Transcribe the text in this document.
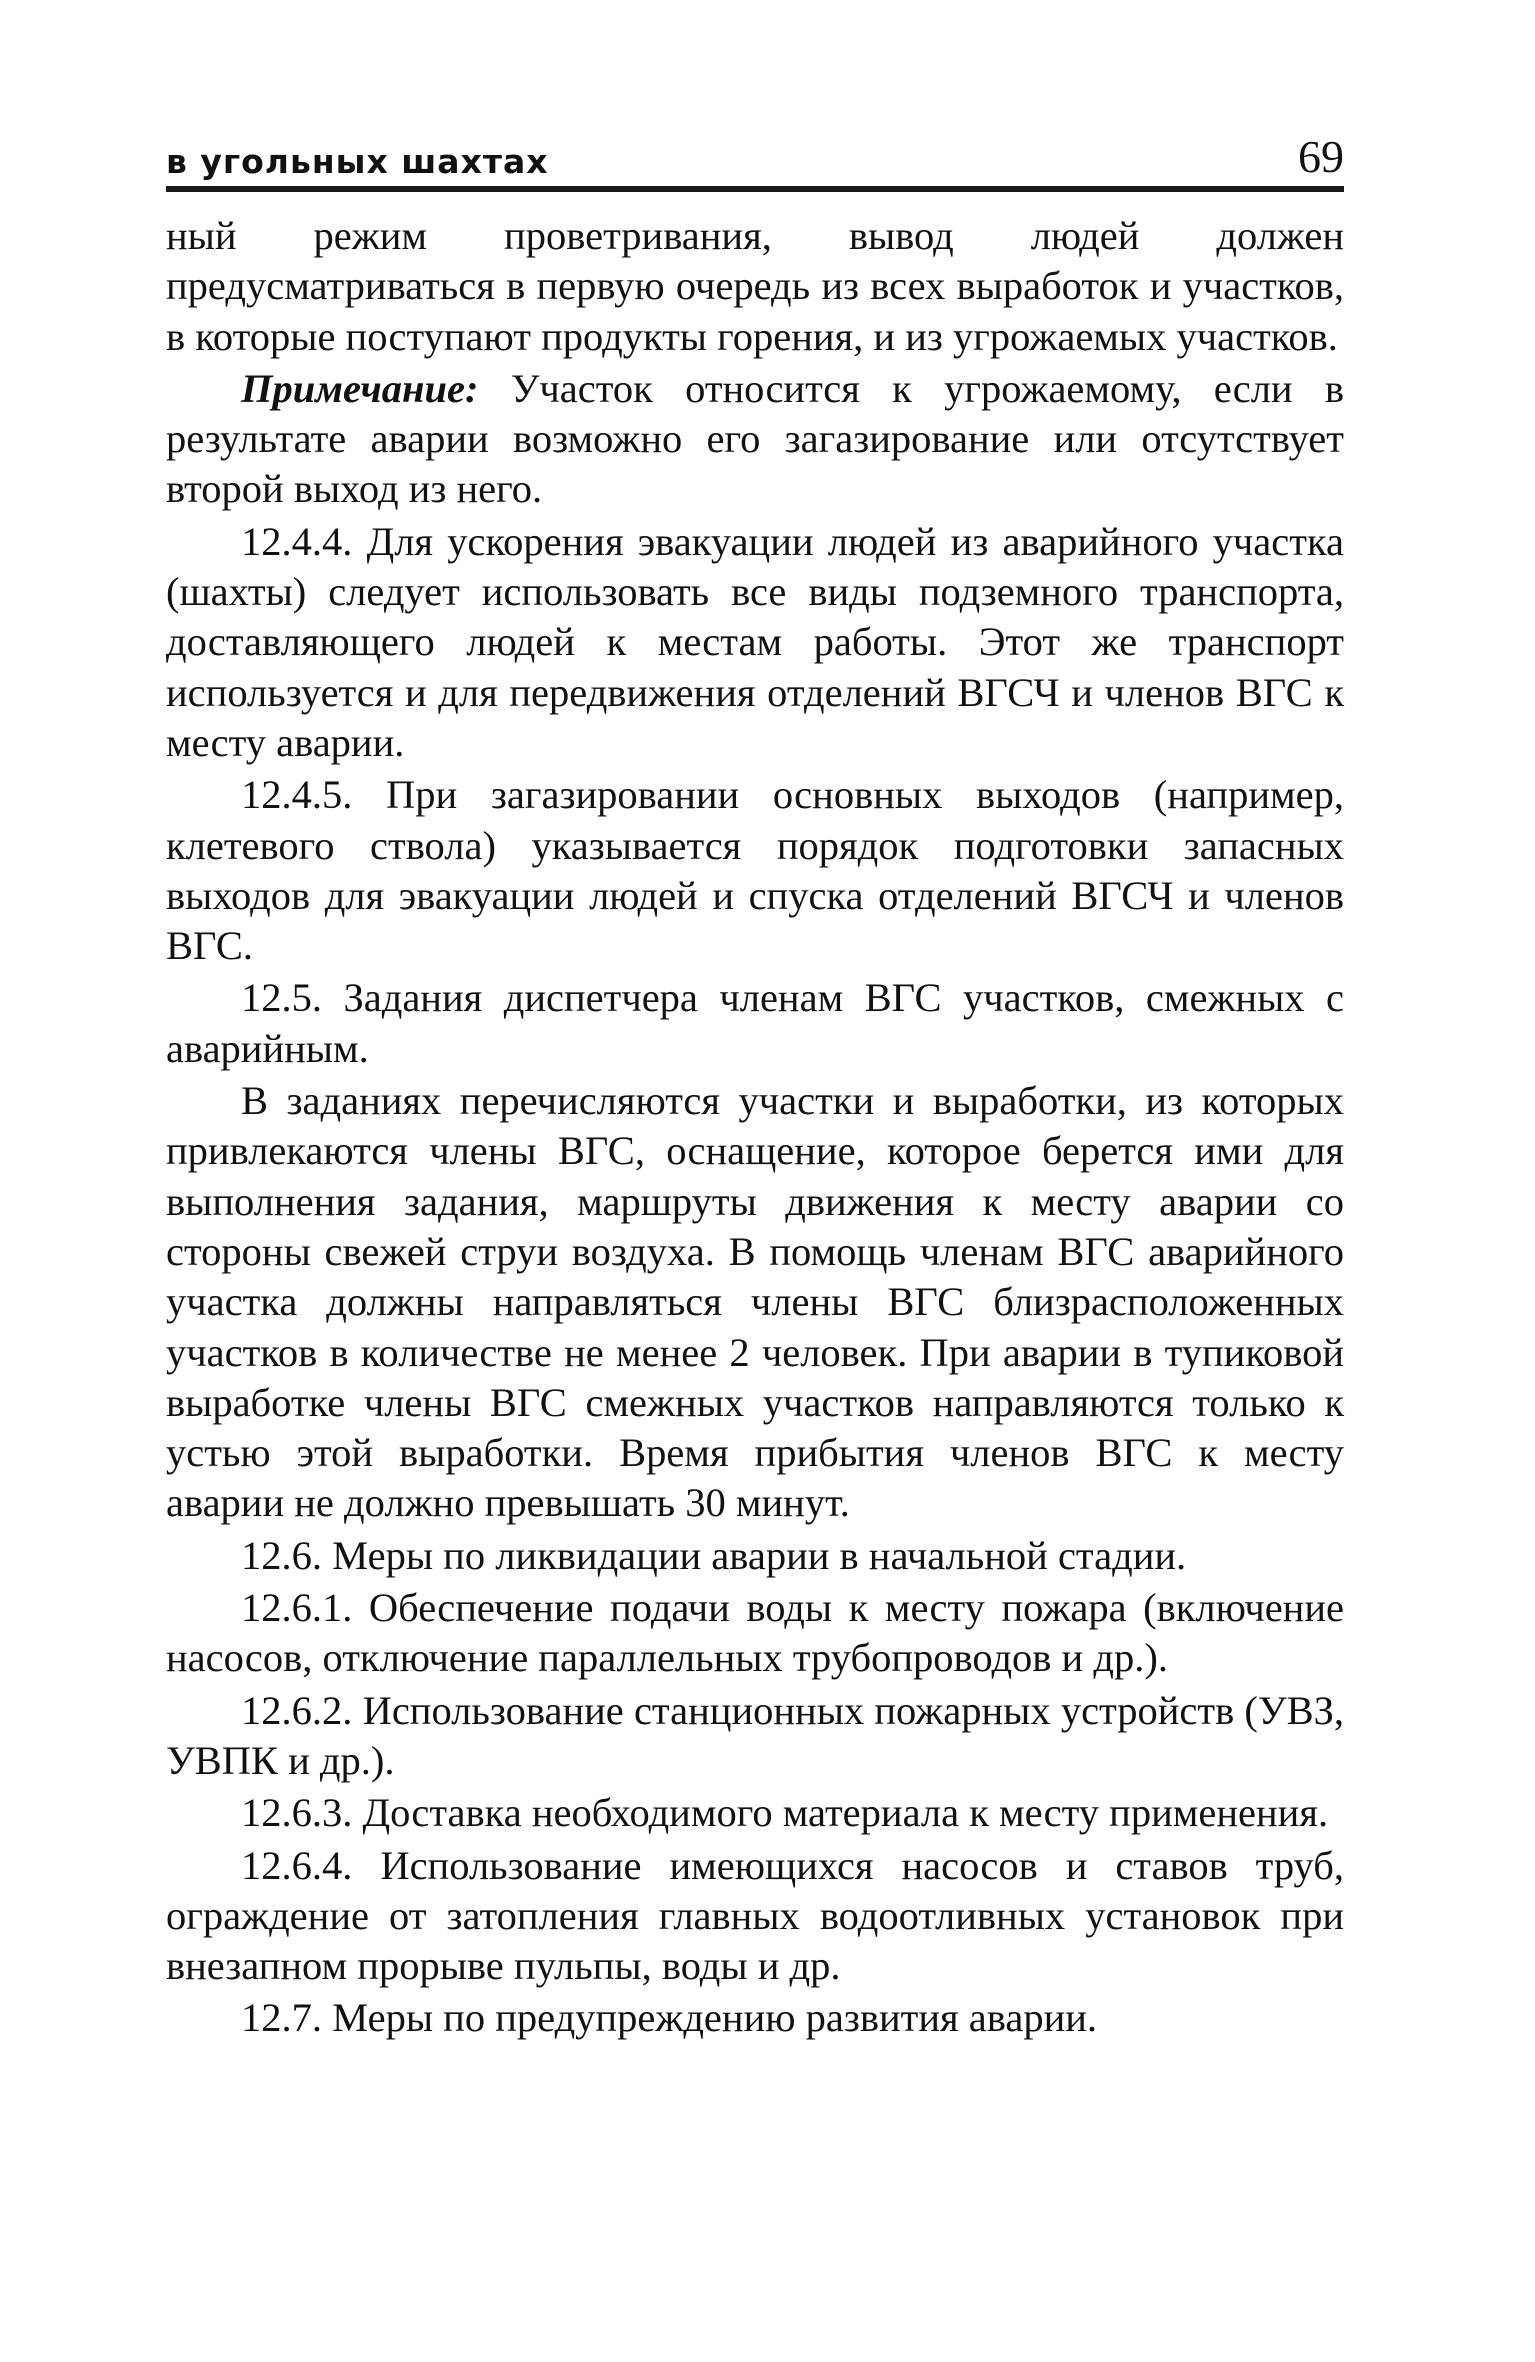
в угольных шахтах	69

ный режим проветривания, вывод людей должен предусматриваться в первую очередь из всех выработок и участков, в которые поступают продукты горения, и из угрожаемых участков.

Примечание: Участок относится к угрожаемому, если в результате аварии возможно его загазирование или отсутствует второй выход из него.

12.4.4. Для ускорения эвакуации людей из аварийного участка (шахты) следует использовать все виды подземного транспорта, доставляющего людей к местам работы. Этот же транспорт используется и для передвижения отделений ВГСЧ и членов ВГС к месту аварии.

12.4.5. При загазировании основных выходов (например, клетевого ствола) указывается порядок подготовки запасных выходов для эвакуации людей и спуска отделений ВГСЧ и членов ВГС.

12.5. Задания диспетчера членам ВГС участков, смежных с аварийным.

В заданиях перечисляются участки и выработки, из которых привлекаются члены ВГС, оснащение, которое берется ими для выполнения задания, маршруты движения к месту аварии со стороны свежей струи воздуха. В помощь членам ВГС аварийного участка должны направляться члены ВГС близрасположенных участков в количестве не менее 2 человек. При аварии в тупиковой выработке члены ВГС смежных участков направляются только к устью этой выработки. Время прибытия членов ВГС к месту аварии не должно превышать 30 минут.

12.6. Меры по ликвидации аварии в начальной стадии.

12.6.1. Обеспечение подачи воды к месту пожара (включение насосов, отключение параллельных трубопроводов и др.).

12.6.2. Использование станционных пожарных устройств (УВЗ, УВПК и др.).

12.6.3. Доставка необходимого материала к месту применения.

12.6.4. Использование имеющихся насосов и ставов труб, ограждение от затопления главных водоотливных установок при внезапном прорыве пульпы, воды и др.

12.7. Меры по предупреждению развития аварии.
